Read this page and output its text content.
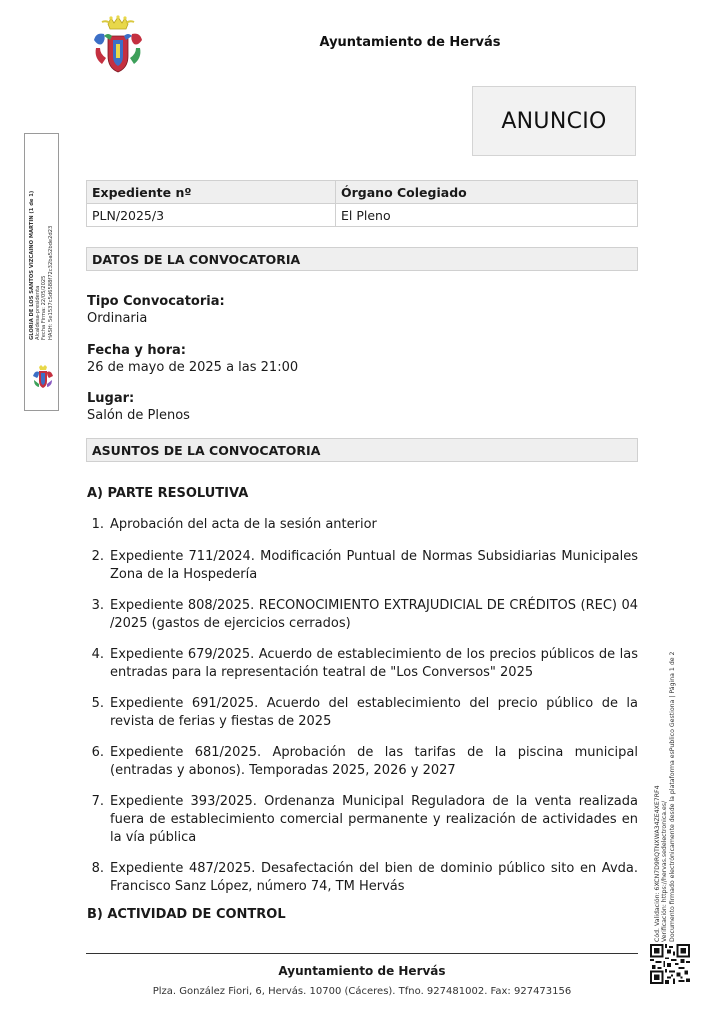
Ayuntamiento de Hervás
ANUNCIO
GLORIA DE LOS SANTOS VIZCAINO MARTIN (1 de 1) Alcaldesa-presidenta Fecha Firma: 22/05/2025 HASH: 5e1537c5d6588f72c32ba52bde2d23
Expediente nº	Órgano Colegiado
PLN/2025/3	El Pleno
DATOS DE LA CONVOCATORIA
Tipo Convocatoria:
Ordinaria
Fecha y hora:
26 de mayo de 2025 a las 21:00
Lugar:
Salón de Plenos
ASUNTOS DE LA CONVOCATORIA
A) PARTE RESOLUTIVA
1. Aprobación del acta de la sesión anterior
2. Expediente 711/2024. Modificación Puntual de Normas Subsidiarias Municipales Zona de la Hospedería
3. Expediente 808/2025. RECONOCIMIENTO EXTRAJUDICIAL DE CRÉDITOS (REC) 04 /2025 (gastos de ejercicios cerrados)
4. Expediente 679/2025. Acuerdo de establecimiento de los precios públicos de las entradas para la representación teatral de "Los Conversos" 2025
5. Expediente 691/2025. Acuerdo del establecimiento del precio público de la revista de ferias y fiestas de 2025
6. Expediente 681/2025. Aprobación de las tarifas de la piscina municipal (entradas y abonos). Temporadas 2025, 2026 y 2027
7. Expediente 393/2025. Ordenanza Municipal Reguladora de la venta realizada fuera de establecimiento comercial permanente y realización de actividades en la vía pública
8. Expediente 487/2025. Desafectación del bien de dominio público sito en Avda. Francisco Sanz López, número 74, TM Hervás
B) ACTIVIDAD DE CONTROL	Cód. Validación: 6XCN7D9RQTNXWA34ZE4XE7RF4 Verificación: https://hervas.sedelectronica.es/ Documento firmado electrónicamente desde la plataforma esPublico Gestiona | Página 1 de 2
Ayuntamiento de Hervás
Plza. González Fiori, 6, Hervás. 10700 (Cáceres). Tfno. 927481002. Fax: 927473156
